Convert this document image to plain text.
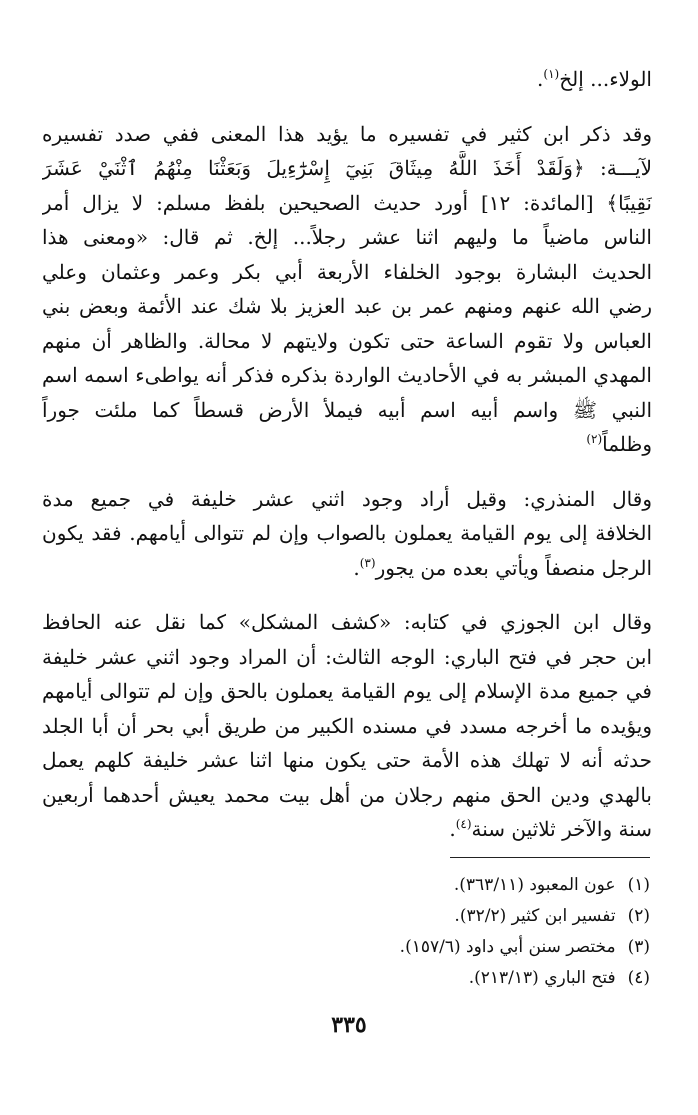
الولاء... إلخ$^{(١)}$.
وقد ذكر ابن كثير في تفسيره ما يؤيد هذا المعنى ففي صدد تفسيره
لآيـــة: ﴿وَلَقَدْ أَخَذَ اللَّهُ مِيثَاقَ بَنِيٓ إِسْرَٰٓءِيلَ وَبَعَثْنَا مِنْهُمُ ٱثْنَيْ عَشَرَ
نَقِيبًا﴾ [المائدة: ١٢] أورد حديث الصحيحين بلفظ مسلم: لا يزال أمر
الناس ماضياً ما وليهم اثنا عشر رجلاً... إلخ. ثم قال: «ومعنى هذا
الحديث البشارة بوجود الخلفاء الأربعة أبي بكر وعمر وعثمان وعلي
رضي الله عنهم ومنهم عمر بن عبد العزيز بلا شك عند الأئمة وبعض بني
العباس ولا تقوم الساعة حتى تكون ولايتهم لا محالة. والظاهر أن منهم
المهدي المبشر به في الأحاديث الواردة بذكره فذكر أنه يواطىء اسمه اسم
النبي ﷺ واسم أبيه اسم أبيه فيملأ الأرض قسطاً كما ملئت جوراً
وظلماً$^{(٢)}$
وقال المنذري: وقيل أراد وجود اثني عشر خليفة في جميع مدة
الخلافة إلى يوم القيامة يعملون بالصواب وإن لم تتوالى أيامهم. فقد يكون
الرجل منصفاً ويأتي بعده من يجور$^{(٣)}$.
وقال ابن الجوزي في كتابه: «كشف المشكل» كما نقل عنه الحافظ
ابن حجر في فتح الباري: الوجه الثالث: أن المراد وجود اثني عشر خليفة
في جميع مدة الإسلام إلى يوم القيامة يعملون بالحق وإن لم تتوالى أيامهم
ويؤيده ما أخرجه مسدد في مسنده الكبير من طريق أبي بحر أن أبا الجلد
حدثه أنه لا تهلك هذه الأمة حتى يكون منها اثنا عشر خليفة كلهم يعمل
بالهدي ودين الحق منهم رجلان من أهل بيت محمد يعيش أحدهما أربعين
سنة والآخر ثلاثين سنة$^{(٤)}$.
(١)عون المعبود (٣٦٣/١١).
(٢)تفسير ابن كثير (٣٢/٢).
(٣)مختصر سنن أبي داود (١٥٧/٦).
(٤)فتح الباري (٢١٣/١٣).
٣٣٥
